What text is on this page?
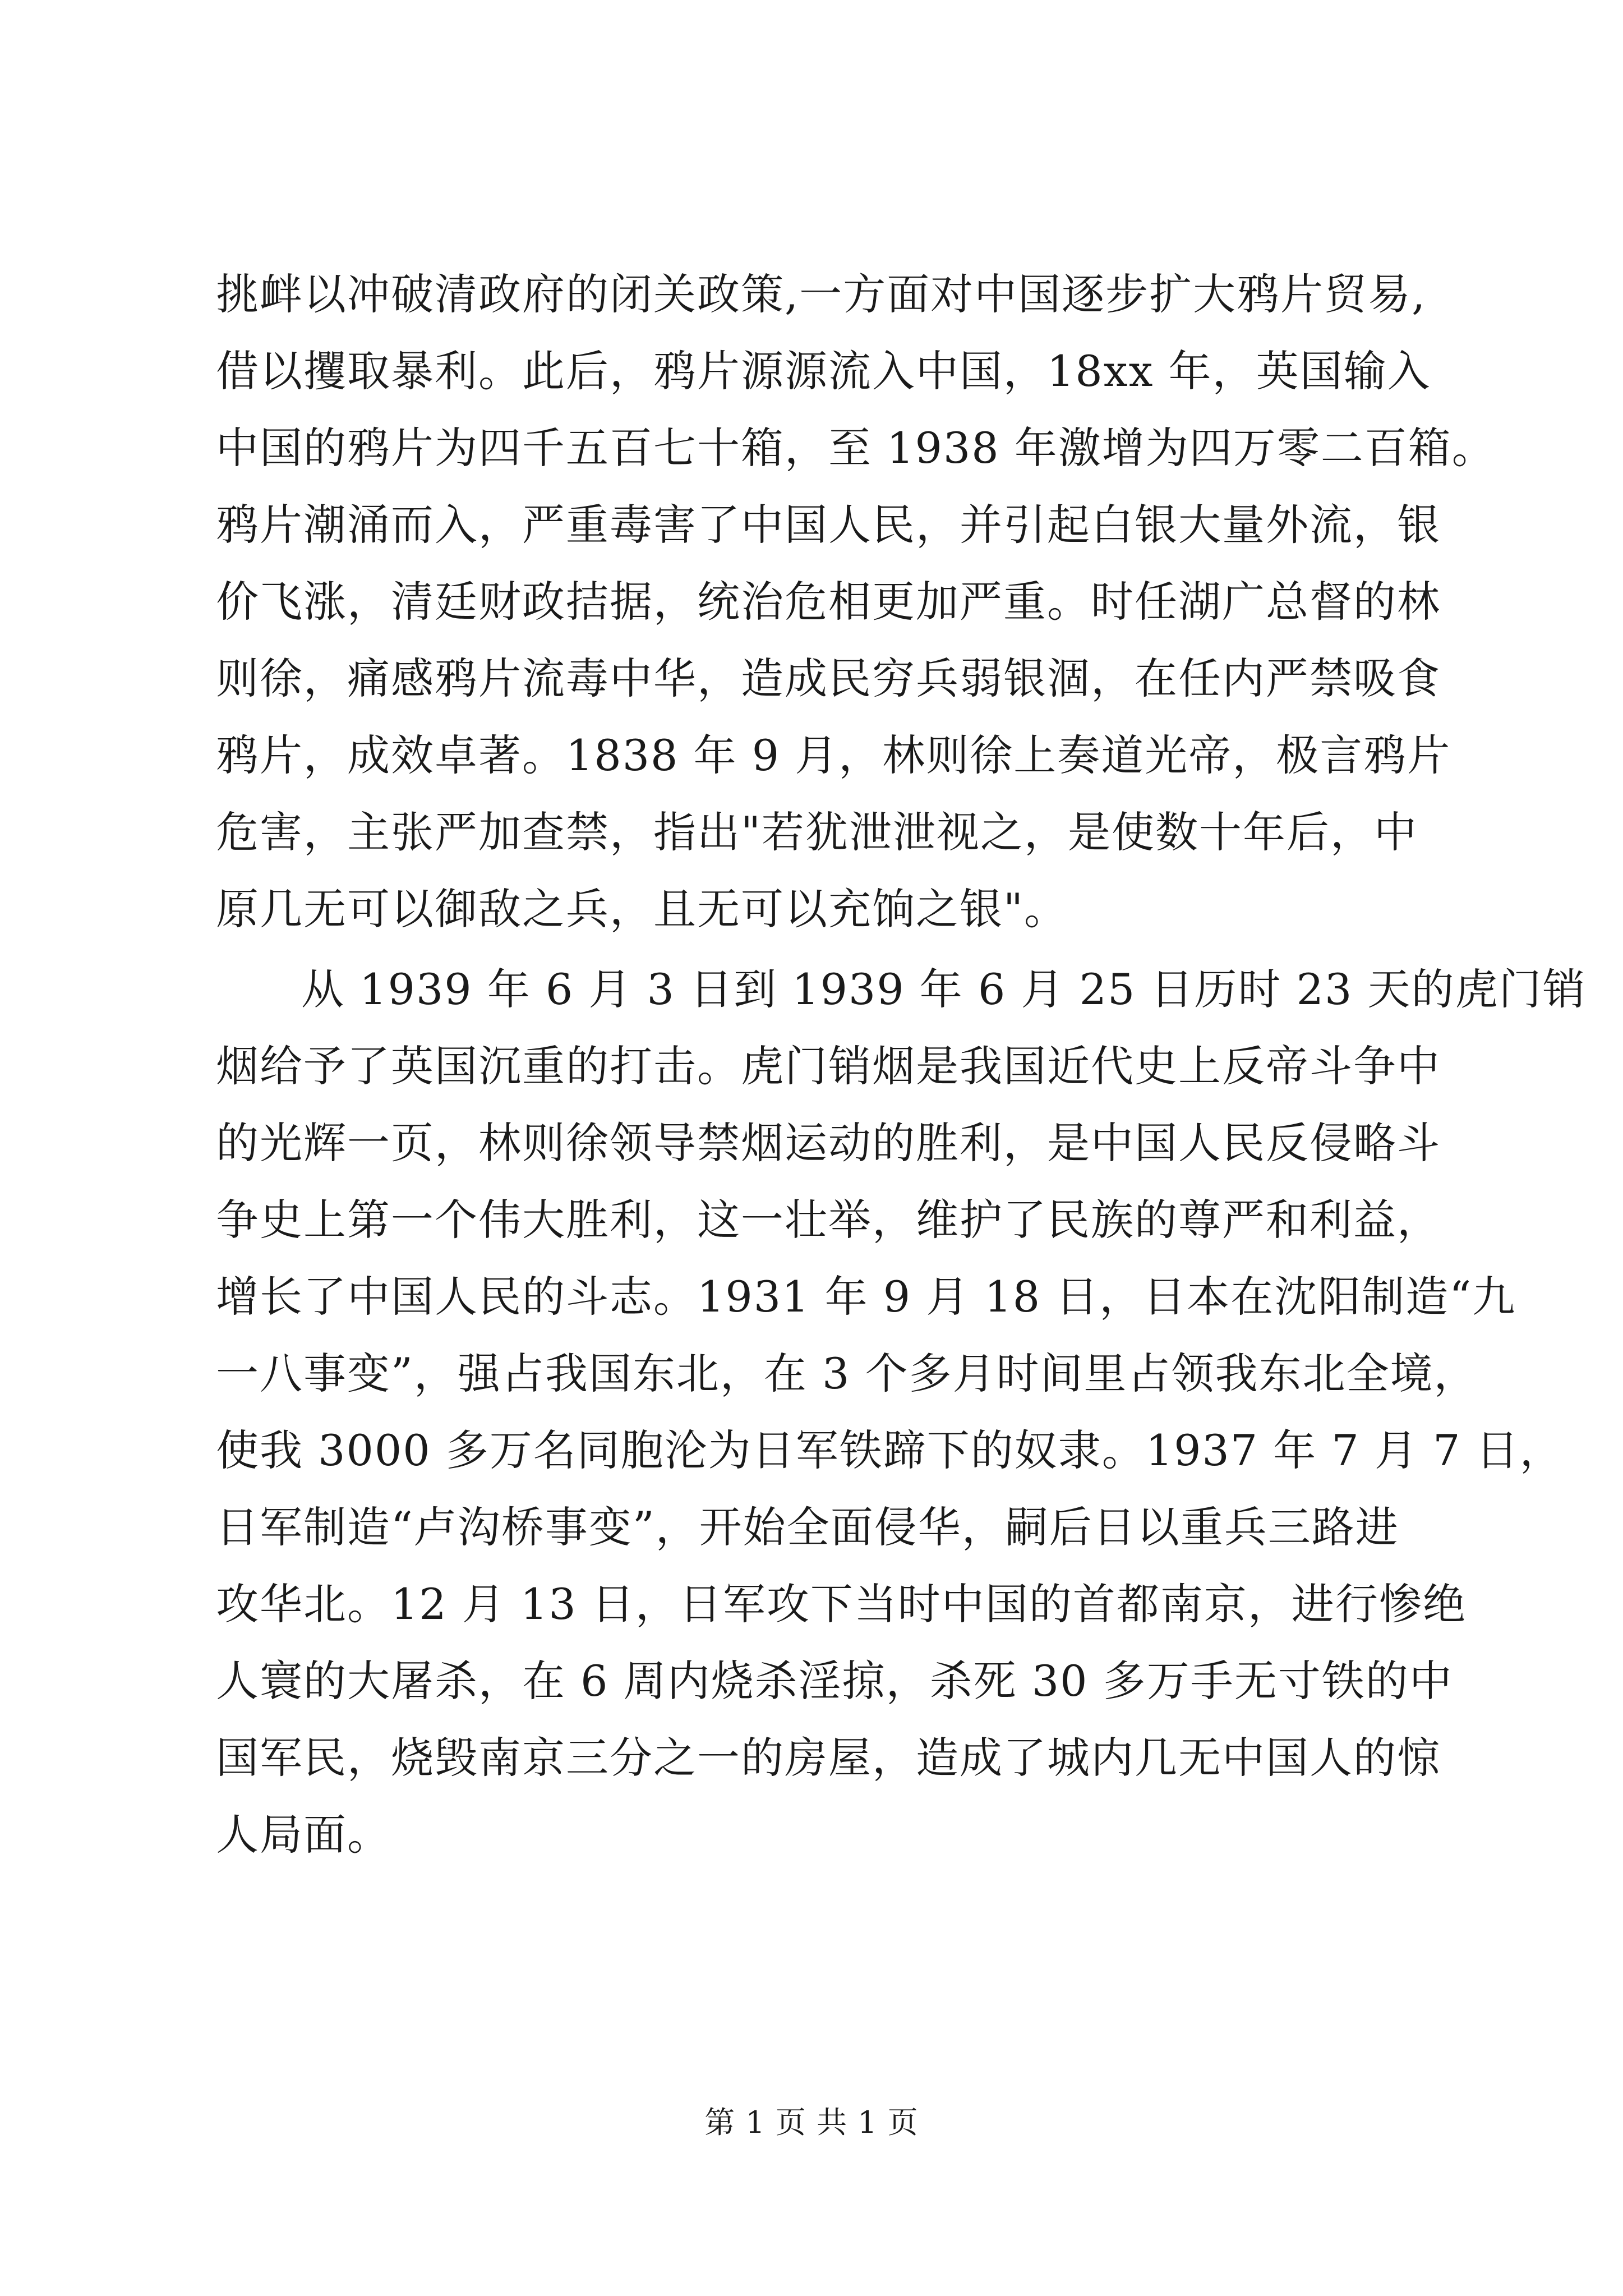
挑衅以冲破清政府的闭关政策,一方面对中国逐步扩大鸦片贸易,
借以攫取暴利。此后，鸦片源源流入中国，18xx 年，英国输入
中国的鸦片为四千五百七十箱，至 1938 年激增为四万零二百箱。
鸦片潮涌而入，严重毒害了中国人民，并引起白银大量外流，银
价飞涨，清廷财政拮据，统治危相更加严重。时任湖广总督的林
则徐，痛感鸦片流毒中华，造成民穷兵弱银涸，在任内严禁吸食
鸦片，成效卓著。1838 年 9 月，林则徐上奏道光帝，极言鸦片
危害，主张严加查禁，指出"若犹泄泄视之，是使数十年后，中
原几无可以御敌之兵，且无可以充饷之银"。
从 1939 年 6 月 3 日到 1939 年 6 月 25 日历时 23 天的虎门销
烟给予了英国沉重的打击。虎门销烟是我国近代史上反帝斗争中
的光辉一页，林则徐领导禁烟运动的胜利，是中国人民反侵略斗
争史上第一个伟大胜利，这一壮举，维护了民族的尊严和利益，
增长了中国人民的斗志。1931 年 9 月 18 日，日本在沈阳制造“九
一八事变”，强占我国东北，在 3 个多月时间里占领我东北全境，
使我 3000 多万名同胞沦为日军铁蹄下的奴隶。1937 年 7 月 7 日，
日军制造“卢沟桥事变”，开始全面侵华，嗣后日以重兵三路进
攻华北。12 月 13 日，日军攻下当时中国的首都南京，进行惨绝
人寰的大屠杀，在 6 周内烧杀淫掠，杀死 30 多万手无寸铁的中
国军民，烧毁南京三分之一的房屋，造成了城内几无中国人的惊
人局面。
第 1 页 共 1 页
